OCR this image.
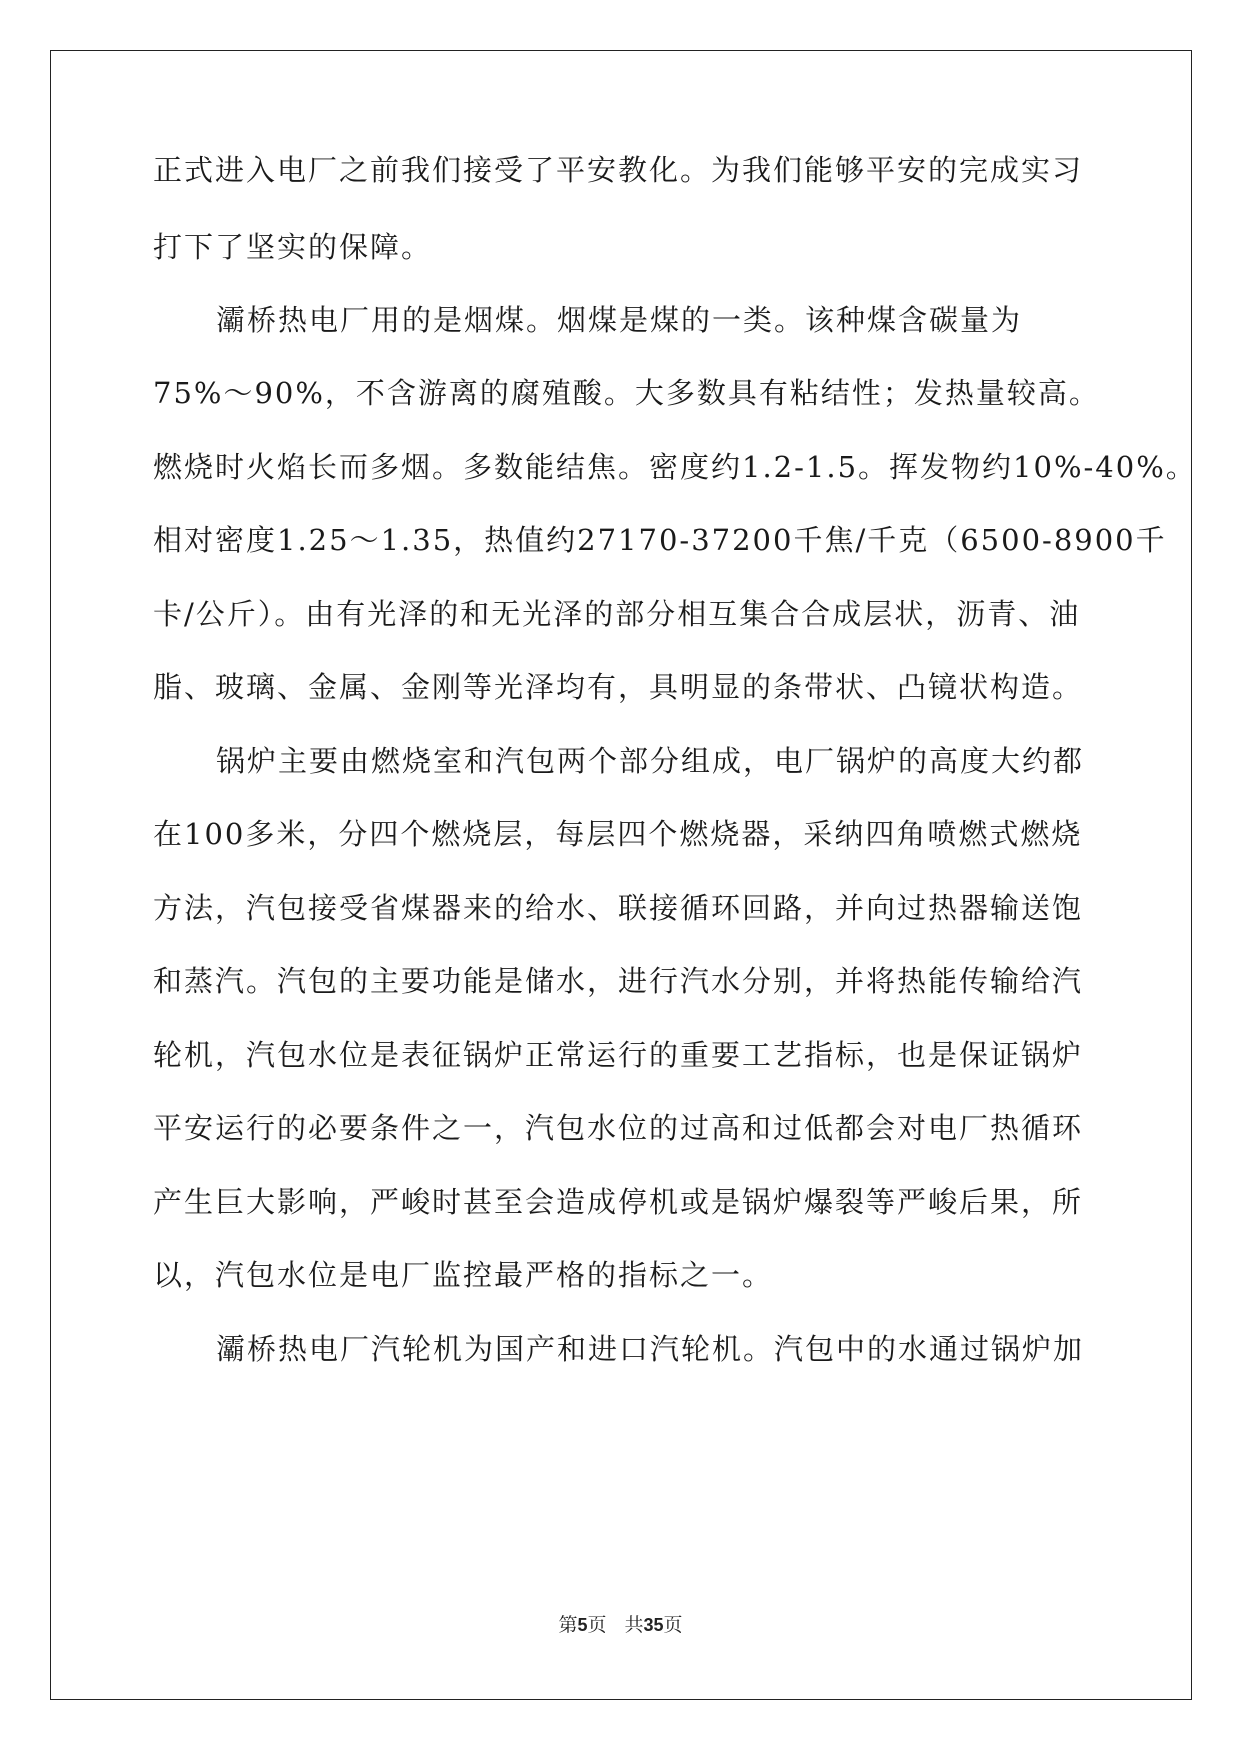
正式进入电厂之前我们接受了平安教化。为我们能够平安的完成实习

打下了坚实的保障。

灞桥热电厂用的是烟煤。烟煤是煤的一类。该种煤含碳量为

75%～90%，不含游离的腐殖酸。大多数具有粘结性；发热量较高。

燃烧时火焰长而多烟。多数能结焦。密度约1.2-1.5。挥发物约10%-40%。

相对密度1.25～1.35，热值约27170-37200千焦/千克（6500-8900千

卡/公斤）。由有光泽的和无光泽的部分相互集合合成层状，沥青、油

脂、玻璃、金属、金刚等光泽均有，具明显的条带状、凸镜状构造。

锅炉主要由燃烧室和汽包两个部分组成，电厂锅炉的高度大约都

在100多米，分四个燃烧层，每层四个燃烧器，采纳四角喷燃式燃烧

方法，汽包接受省煤器来的给水、联接循环回路，并向过热器输送饱

和蒸汽。汽包的主要功能是储水，进行汽水分别，并将热能传输给汽

轮机，汽包水位是表征锅炉正常运行的重要工艺指标，也是保证锅炉

平安运行的必要条件之一，汽包水位的过高和过低都会对电厂热循环

产生巨大影响，严峻时甚至会造成停机或是锅炉爆裂等严峻后果，所

以，汽包水位是电厂监控最严格的指标之一。

灞桥热电厂汽轮机为国产和进口汽轮机。汽包中的水通过锅炉加

第5页 共35页
